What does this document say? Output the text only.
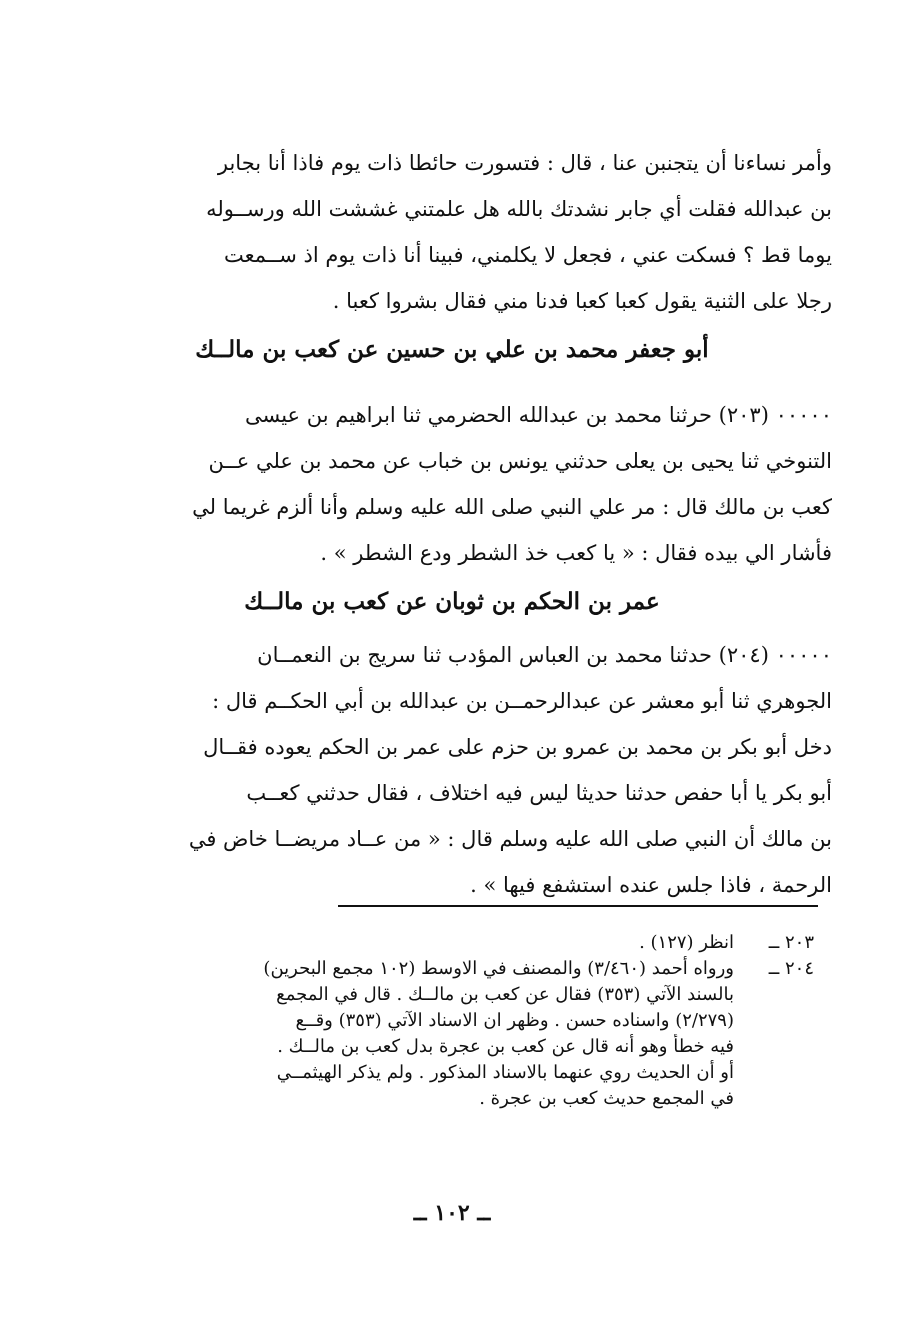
وأمر نساءنا أن يتجنبن عنا ، قال : فتسورت حائطا ذات يوم فاذا أنا بجابر
بن عبدالله فقلت أي جابر نشدتك بالله هل علمتني غششت الله ورســوله
يوما قط ؟ فسكت عني ، فجعل لا يكلمني، فبينا أنا ذات يوم اذ ســمعت
رجلا على الثنية يقول كعبا كعبا فدنا مني فقال بشروا كعبا .
أبو جعفر محمد بن علي بن حسين عن كعب بن مالــك
٠٠٠٠٠ (٢٠٣) حرثنا محمد بن عبدالله الحضرمي ثنا ابراهيم بن عيسى
التنوخي ثنا يحيى بن يعلى حدثني يونس بن خباب عن محمد بن علي عــن
كعب بن مالك قال : مر علي النبي صلى الله عليه وسلم وأنا ألزم غريما لي
فأشار الي بيده فقال : « يا كعب خذ الشطر ودع الشطر » .
عمر بن الحكم بن ثوبان عن كعب بن مالــك
٠٠٠٠٠ (٢٠٤) حدثنا محمد بن العباس المؤدب ثنا سريج بن النعمــان
الجوهري ثنا أبو معشر عن عبدالرحمــن بن عبدالله بن أبي الحكــم قال :
دخل أبو بكر بن محمد بن عمرو بن حزم على عمر بن الحكم يعوده فقــال
أبو بكر يا أبا حفص حدثنا حديثا ليس فيه اختلاف ، فقال حدثني كعــب
بن مالك أن النبي صلى الله عليه وسلم قال : « من عــاد مريضــا خاض في
الرحمة ، فاذا جلس عنده استشفع فيها » .
٢٠٣ ــ
انظر (١٢٧) .
٢٠٤ ــ
ورواه أحمد (٣/٤٦٠) والمصنف في الاوسط (١٠٢ مجمع البحرين)
بالسند الآتي (٣٥٣) فقال عن كعب بن مالــك . قال في المجمع
(٢/٢٧٩) واسناده حسن . وظهر ان الاسناد الآتي (٣٥٣) وقــع
فيه خطأ وهو أنه قال عن كعب بن عجرة بدل كعب بن مالــك .
أو أن الحديث روي عنهما بالاسناد المذكور . ولم يذكر الهيثمــي
في المجمع حديث كعب بن عجرة .
ــ ١٠٢ ــ
